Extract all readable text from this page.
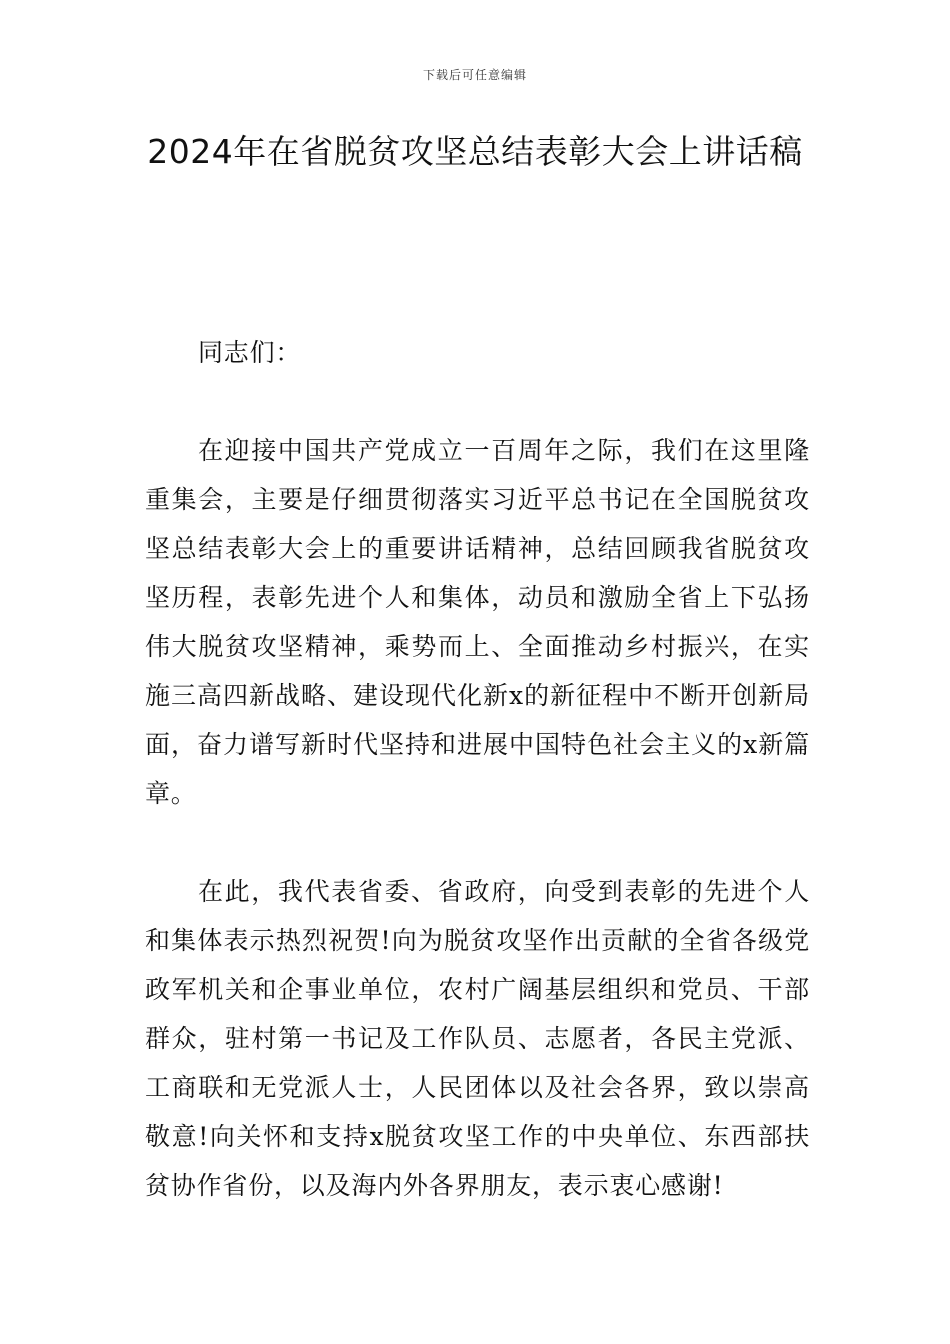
下载后可任意编辑
2024年在省脱贫攻坚总结表彰大会上讲话稿

同志们：

在迎接中国共产党成立一百周年之际，我们在这里隆重集会，主要是仔细贯彻落实习近平总书记在全国脱贫攻坚总结表彰大会上的重要讲话精神，总结回顾我省脱贫攻坚历程，表彰先进个人和集体，动员和激励全省上下弘扬伟大脱贫攻坚精神，乘势而上、全面推动乡村振兴，在实施三高四新战略、建设现代化新x的新征程中不断开创新局面，奋力谱写新时代坚持和进展中国特色社会主义的x新篇章。

在此，我代表省委、省政府，向受到表彰的先进个人和集体表示热烈祝贺!向为脱贫攻坚作出贡献的全省各级党政军机关和企事业单位，农村广阔基层组织和党员、干部群众，驻村第一书记及工作队员、志愿者，各民主党派、工商联和无党派人士，人民团体以及社会各界，致以崇高敬意!向关怀和支持x脱贫攻坚工作的中央单位、东西部扶贫协作省份，以及海内外各界朋友，表示衷心感谢!
